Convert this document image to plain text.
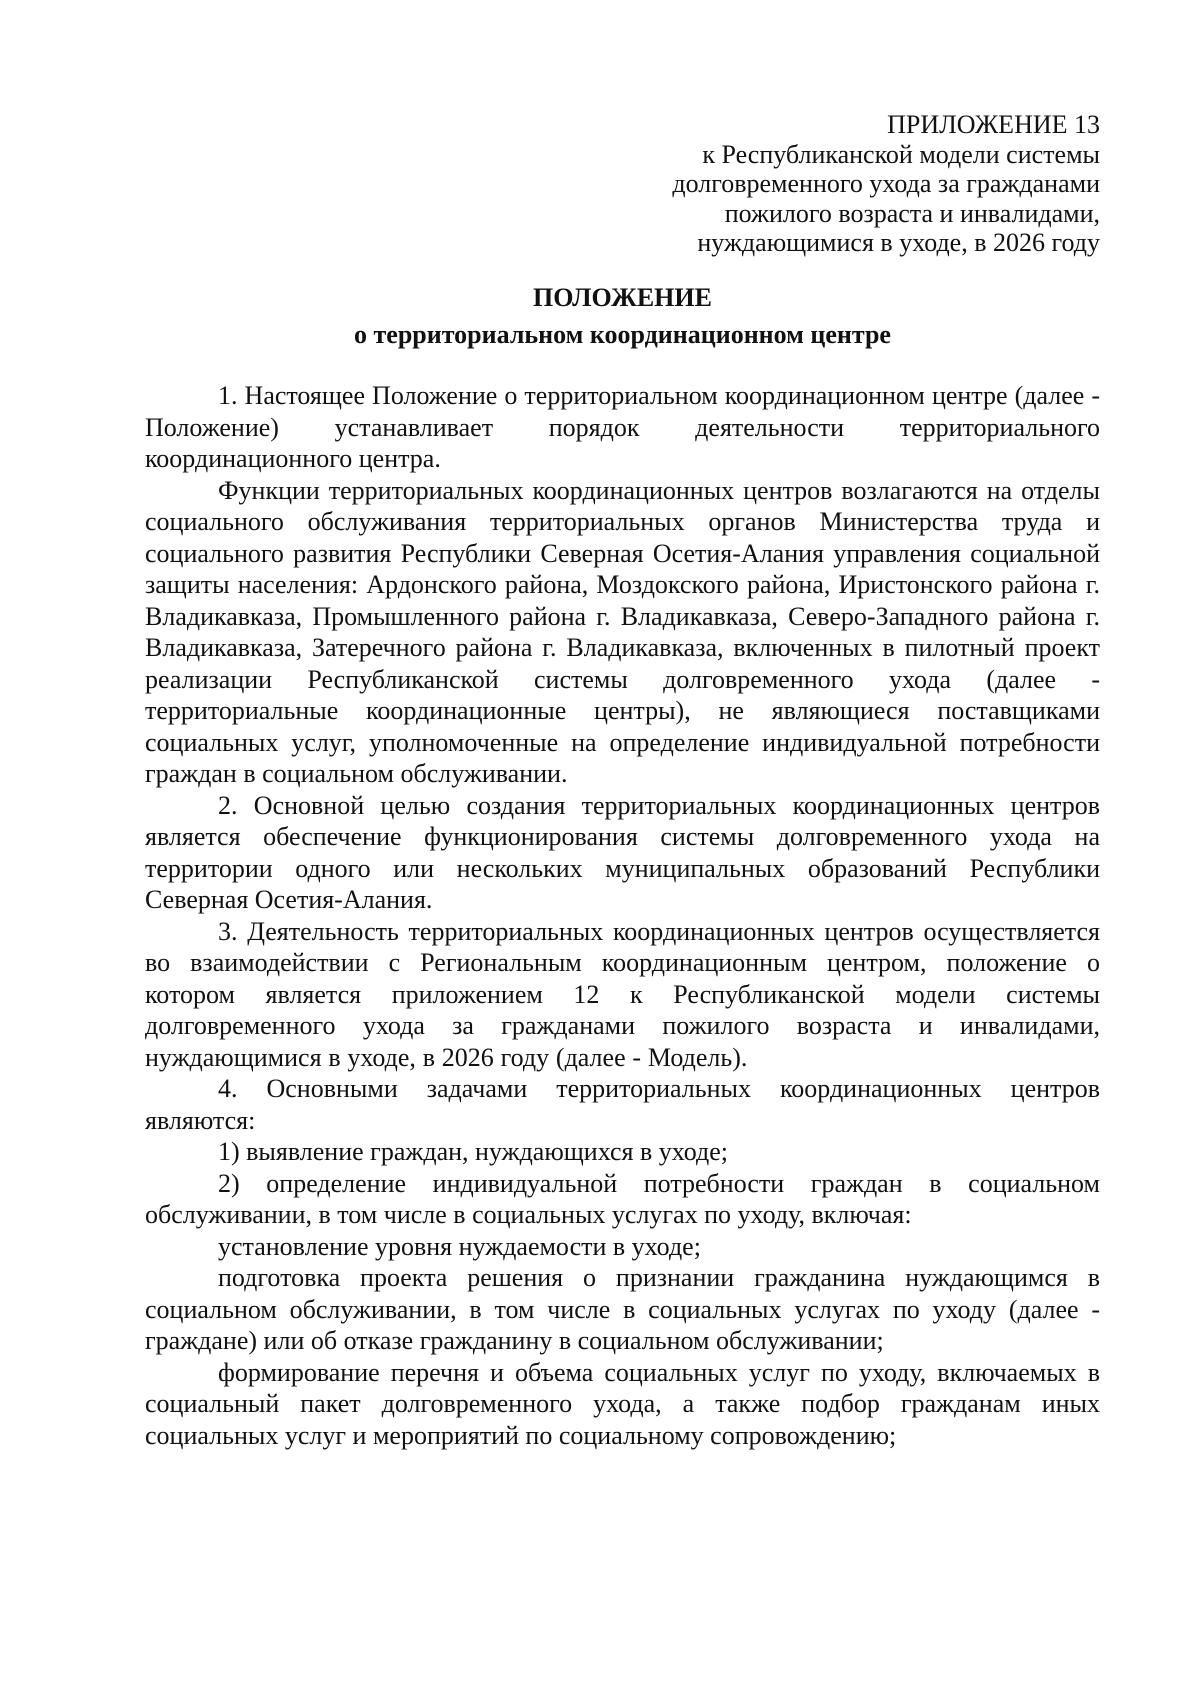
ПРИЛОЖЕНИЕ 13
к Республиканской модели системы
долговременного ухода за гражданами
пожилого возраста и инвалидами,
нуждающимися в уходе, в 2026 году
ПОЛОЖЕНИЕ
о территориальном координационном центре

1. Настоящее Положение о территориальном координационном центре (далее - Положение) устанавливает порядок деятельности территориального координационного центра.

Функции территориальных координационных центров возлагаются на отделы социального обслуживания территориальных органов Министерства труда и социального развития Республики Северная Осетия-Алания управления социальной защиты населения: Ардонского района, Моздокского района, Иристонского района г. Владикавказа, Промышленного района г. Владикавказа, Северо-Западного района г. Владикавказа, Затеречного района г. Владикавказа, включенных в пилотный проект реализации Республиканской системы долговременного ухода (далее - территориальные координационные центры), не являющиеся поставщиками социальных услуг, уполномоченные на определение индивидуальной потребности граждан в социальном обслуживании.

2. Основной целью создания территориальных координационных центров является обеспечение функционирования системы долговременного ухода на территории одного или нескольких муниципальных образований Республики Северная Осетия-Алания.

3. Деятельность территориальных координационных центров осуществляется во взаимодействии с Региональным координационным центром, положение о котором является приложением 12 к Республиканской модели системы долговременного ухода за гражданами пожилого возраста и инвалидами, нуждающимися в уходе, в 2026 году (далее - Модель).

4. Основными задачами территориальных координационных центров являются:

1) выявление граждан, нуждающихся в уходе;

2) определение индивидуальной потребности граждан в социальном обслуживании, в том числе в социальных услугах по уходу, включая:

установление уровня нуждаемости в уходе;

подготовка проекта решения о признании гражданина нуждающимся в социальном обслуживании, в том числе в социальных услугах по уходу (далее - граждане) или об отказе гражданину в социальном обслуживании;

формирование перечня и объема социальных услуг по уходу, включаемых в социальный пакет долговременного ухода, а также подбор гражданам иных социальных услуг и мероприятий по социальному сопровождению;
